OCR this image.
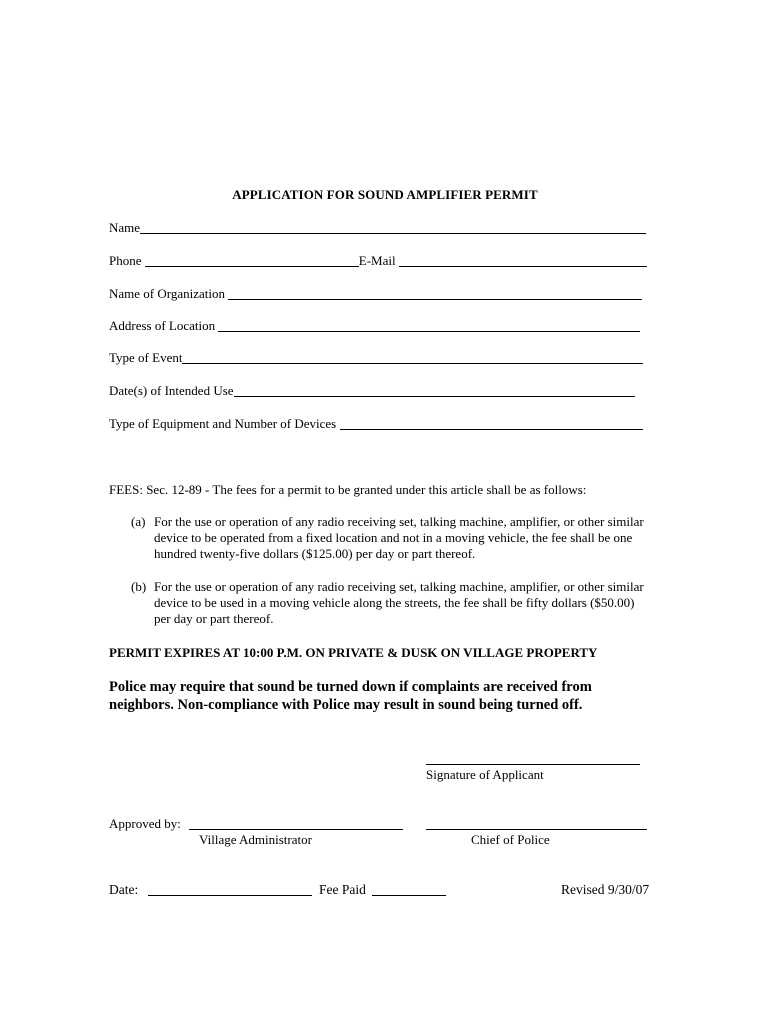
APPLICATION FOR SOUND AMPLIFIER PERMIT
Name
Phone	E-Mail
Name of Organization
Address of Location
Type of Event
Date(s) of Intended Use
Type of Equipment and Number of Devices
FEES: Sec. 12-89 - The fees for a permit to be granted under this article shall be as follows:
(a) For the use or operation of any radio receiving set, talking machine, amplifier, or other similar device to be operated from a fixed location and not in a moving vehicle, the fee shall be one hundred twenty-five dollars ($125.00) per day or part thereof.
(b) For the use or operation of any radio receiving set, talking machine, amplifier, or other similar device to be used in a moving vehicle along the streets, the fee shall be fifty dollars ($50.00) per day or part thereof.
PERMIT EXPIRES AT 10:00 P.M. ON PRIVATE & DUSK ON VILLAGE PROPERTY
Police may require that sound be turned down if complaints are received from neighbors. Non-compliance with Police may result in sound being turned off.
Signature of Applicant
Approved by:
Village Administrator	Chief of Police
Date:	Fee Paid	Revised 9/30/07
